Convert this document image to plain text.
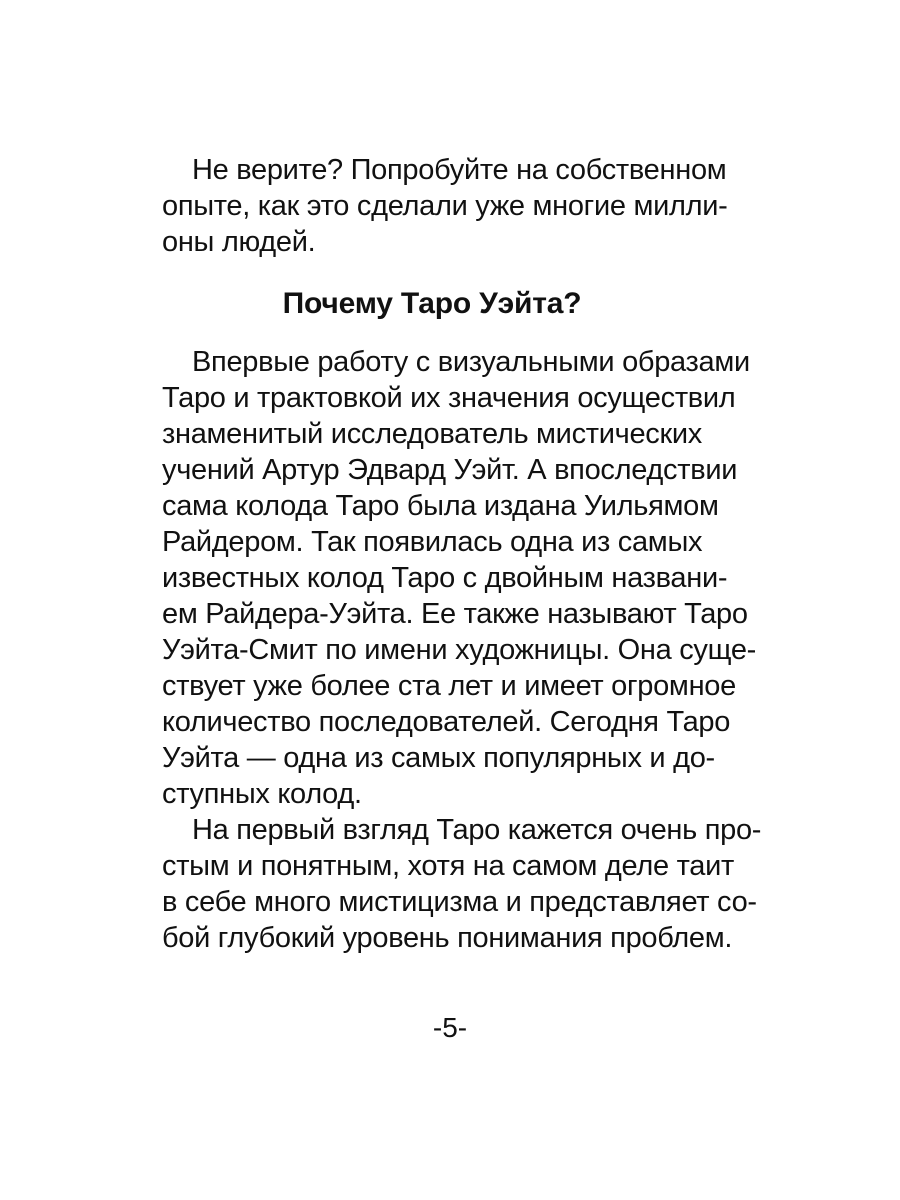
Не верите? Попробуйте на собственном
опыте, как это сделали уже многие милли-
оны людей.
Почему Таро Уэйта?
Впервые работу с визуальными образами
Таро и трактовкой их значения осуществил
знаменитый исследователь мистических
учений Артур Эдвард Уэйт. А впоследствии
сама колода Таро была издана Уильямом
Райдером. Так появилась одна из самых
известных колод Таро с двойным названи-
ем Райдера-Уэйта. Ее также называют Таро
Уэйта-Смит по имени художницы. Она суще-
ствует уже более ста лет и имеет огромное
количество последователей. Сегодня Таро
Уэйта — одна из самых популярных и до-
ступных колод.
На первый взгляд Таро кажется очень про-
стым и понятным, хотя на самом деле таит
в себе много мистицизма и представляет со-
бой глубокий уровень понимания проблем.
-5-
